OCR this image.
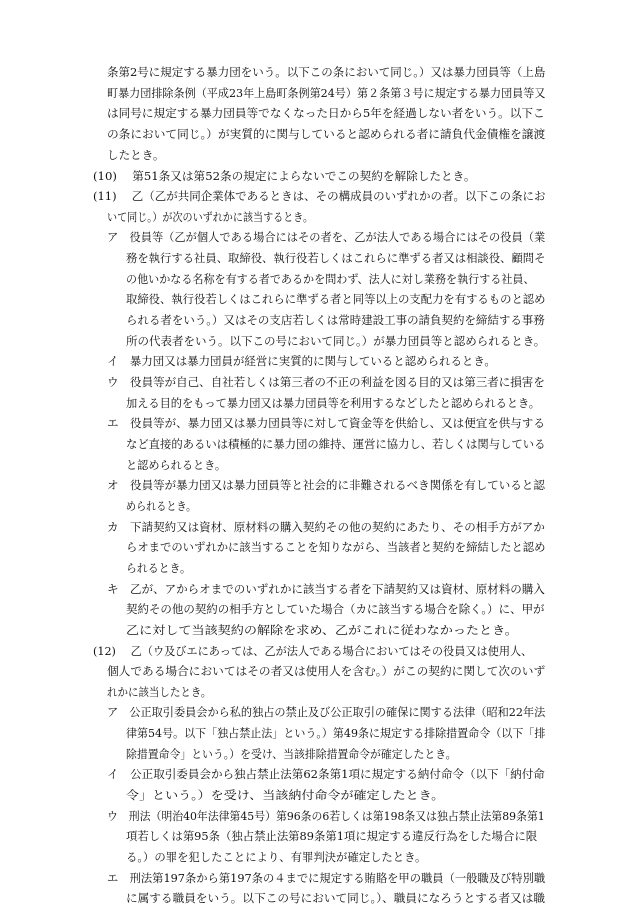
条第2号に規定する暴力団をいう。以下この条において同じ。）又は暴力団員等（上島
町暴力団排除条例（平成23年上島町条例第24号）第２条第３号に規定する暴力団員等又
は同号に規定する暴力団員等でなくなった日から5年を経過しない者をいう。以下こ
の条において同じ。）が実質的に関与していると認められる者に請負代金債権を譲渡
したとき。
(10)　 第51条又は第52条の規定によらないでこの契約を解除したとき。
(11)　 乙（乙が共同企業体であるときは、その構成員のいずれかの者。以下この条にお
いて同じ。）が次のいずれかに該当するとき。
ア　役員等（乙が個人である場合にはその者を、乙が法人である場合にはその役員（業
務を執行する社員、取締役、執行役若しくはこれらに準ずる者又は相談役、顧問そ
の他いかなる名称を有する者であるかを問わず、法人に対し業務を執行する社員、
取締役、執行役若しくはこれらに準ずる者と同等以上の支配力を有するものと認め
られる者をいう。）又はその支店若しくは常時建設工事の請負契約を締結する事務
所の代表者をいう。以下この号において同じ。）が暴力団員等と認められるとき。
イ　暴力団又は暴力団員が経営に実質的に関与していると認められるとき。
ウ　役員等が自己、自社若しくは第三者の不正の利益を図る目的又は第三者に損害を
加える目的をもって暴力団又は暴力団員等を利用するなどしたと認められるとき。
エ　役員等が、暴力団又は暴力団員等に対して資金等を供給し、又は便宜を供与する
など直接的あるいは積極的に暴力団の維持、運営に協力し、若しくは関与している
と認められるとき。
オ　役員等が暴力団又は暴力団員等と社会的に非難されるべき関係を有していると認
められるとき。
カ　下請契約又は資材、原材料の購入契約その他の契約にあたり、その相手方がアか
らオまでのいずれかに該当することを知りながら、当該者と契約を締結したと認め
られるとき。
キ　乙が、アからオまでのいずれかに該当する者を下請契約又は資材、原材料の購入
契約その他の契約の相手方としていた場合（カに該当する場合を除く。）に、甲が
乙に対して当該契約の解除を求め、乙がこれに従わなかったとき。
(12)　 乙（ウ及びエにあっては、乙が法人である場合においてはその役員又は使用人、
個人である場合においてはその者又は使用人を含む。）がこの契約に関して次のいず
れかに該当したとき。
ア　公正取引委員会から私的独占の禁止及び公正取引の確保に関する法律（昭和22年法
律第54号。以下「独占禁止法」という。）第49条に規定する排除措置命令（以下「排
除措置命令」という。）を受け、当該排除措置命令が確定したとき。
イ　公正取引委員会から独占禁止法第62条第1項に規定する納付命令（以下「納付命
令」という。）を受け、当該納付命令が確定したとき。
ウ　刑法（明治40年法律第45号）第96条の6若しくは第198条又は独占禁止法第89条第1
項若しくは第95条（独占禁止法第89条第1項に規定する違反行為をした場合に限
る。）の罪を犯したことにより、有罪判決が確定したとき。
エ　刑法第197条から第197条の４までに規定する賄賂を甲の職員（一般職及び特別職
に属する職員をいう。以下この号において同じ。）、職員になろうとする者又は職
